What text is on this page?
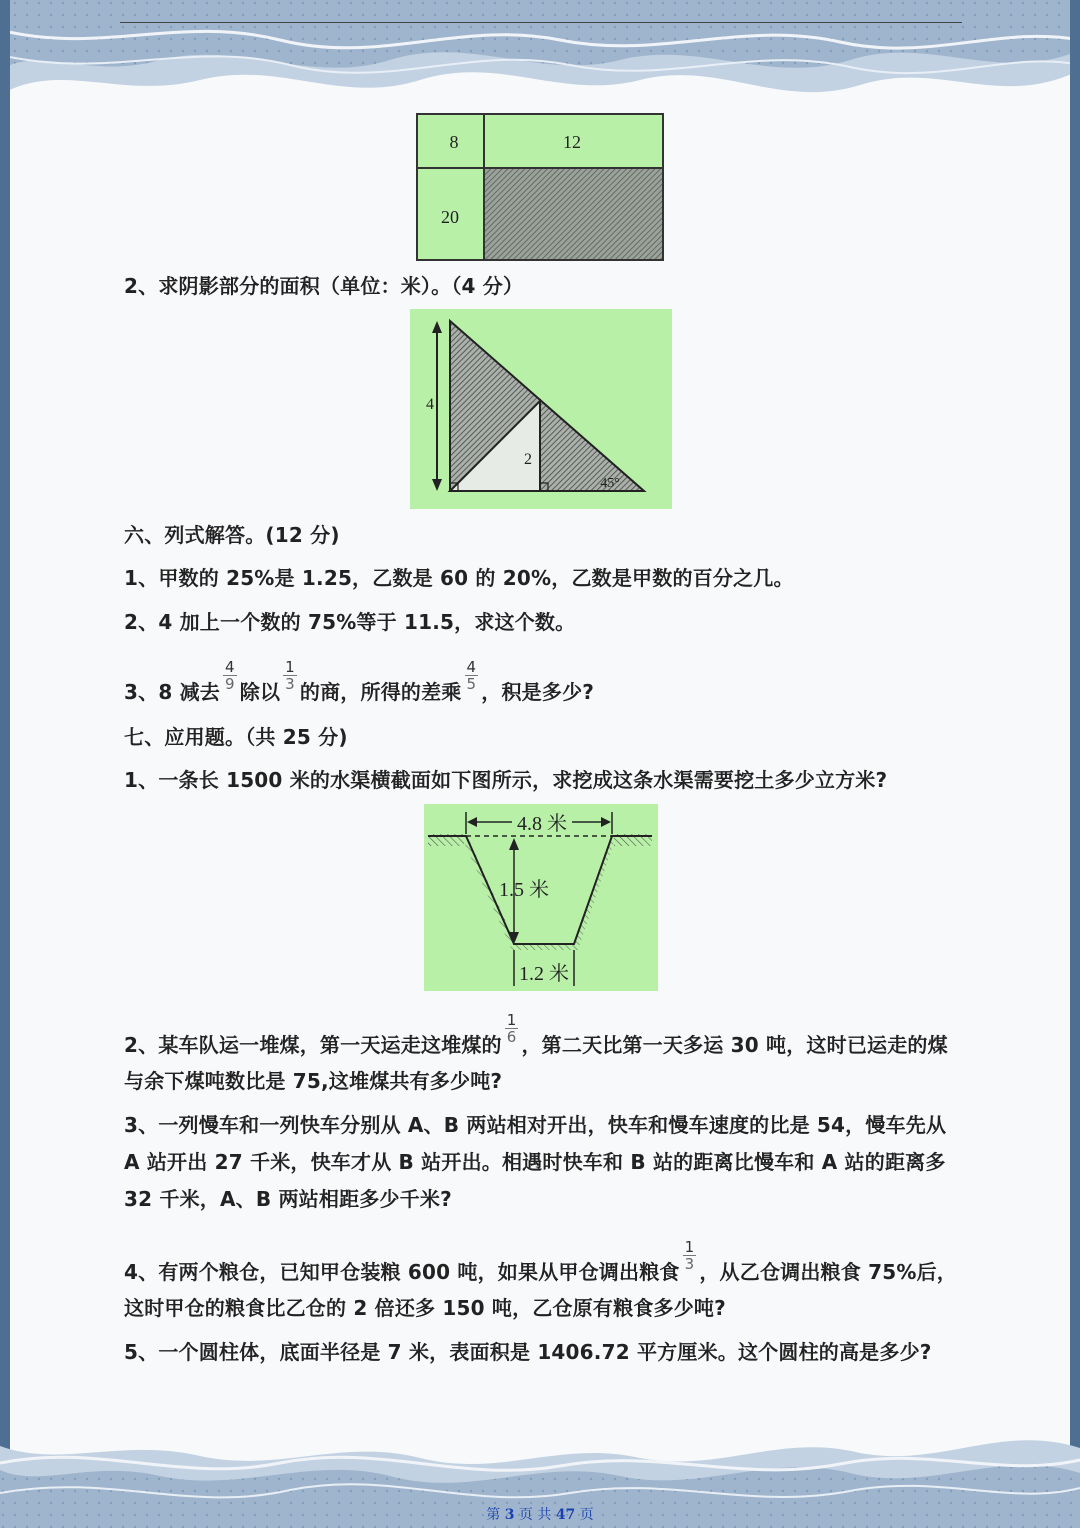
8	12
20
2、求阴影部分的面积（单位：米）。（4 分）
4
2
45°
六、列式解答。(12 分)
1、甲数的 25%是 1.25，乙数是 60 的 20%，乙数是甲数的百分之几。
2、4 加上一个数的 75%等于 11.5，求这个数。
3、8 减去 $\frac{4}{9}$ 除以 $\frac{1}{3}$ 的商，所得的差乘 $\frac{4}{5}$ ，积是多少?
七、应用题。（共 25 分)
1、一条长 1500 米的水渠横截面如下图所示，求挖成这条水渠需要挖土多少立方米?
4.8 米
1.5 米
1.2 米
2、某车队运一堆煤，第一天运走这堆煤的 $\frac{1}{6}$ ，第二天比第一天多运 30 吨，这时已运走的煤与余下煤吨数比是 75,这堆煤共有多少吨?
3、一列慢车和一列快车分别从 A、B 两站相对开出，快车和慢车速度的比是 54，慢车先从 A 站开出 27 千米，快车才从 B 站开出。相遇时快车和 B 站的距离比慢车和 A 站的距离多 32 千米，A、B 两站相距多少千米?
4、有两个粮仓，已知甲仓装粮 600 吨，如果从甲仓调出粮食 $\frac{1}{3}$ ，从乙仓调出粮食 75%后，这时甲仓的粮食比乙仓的 2 倍还多 150 吨，乙仓原有粮食多少吨?
5、一个圆柱体，底面半径是 7 米，表面积是 1406.72 平方厘米。这个圆柱的高是多少?
第 3 页 共 47 页
